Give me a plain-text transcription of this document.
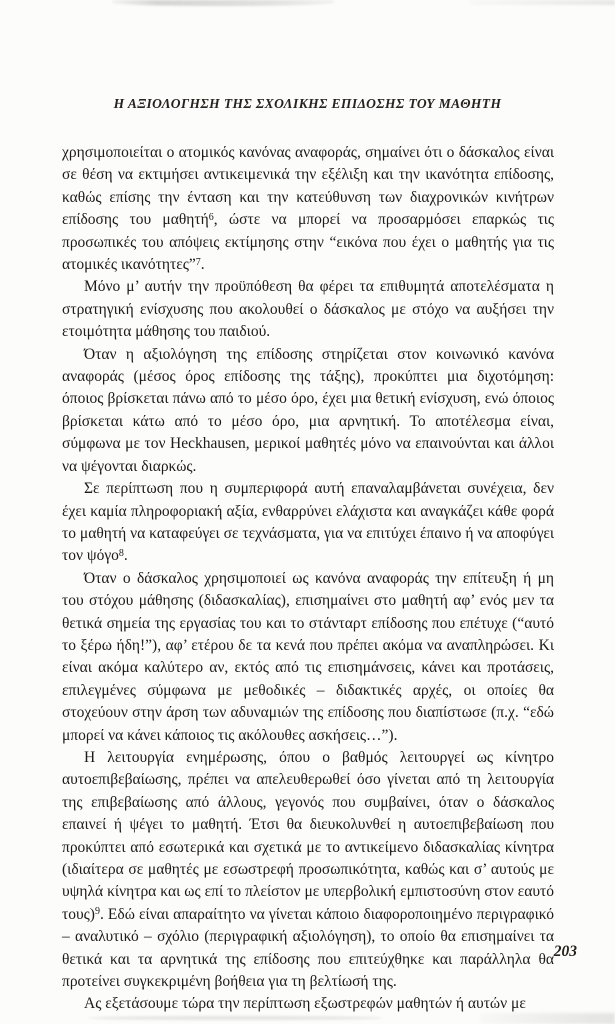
Η ΑΞΙΟΛΟΓΗΣΗ ΤΗΣ ΣΧΟΛΙΚΗΣ ΕΠΙΔΟΣΗΣ ΤΟΥ ΜΑΘΗΤΗ

χρησιμοποιείται ο ατομικός κανόνας αναφοράς, σημαίνει ότι ο δάσκαλος είναι σε θέση να εκτιμήσει αντικειμενικά την εξέλιξη και την ικανότητα επίδοσης, καθώς επίσης την ένταση και την κατεύθυνση των διαχρονικών κινήτρων επίδοσης του μαθητή$^6$, ώστε να μπορεί να προσαρμόσει επαρκώς τις προσωπικές του απόψεις εκτίμησης στην “εικόνα που έχει ο μαθητής για τις ατομικές ικανότητες”$^7$.

Μόνο μ’ αυτήν την προϋπόθεση θα φέρει τα επιθυμητά αποτελέσματα η στρατηγική ενίσχυσης που ακολουθεί ο δάσκαλος με στόχο να αυξήσει την ετοιμότητα μάθησης του παιδιού.

Όταν η αξιολόγηση της επίδοσης στηρίζεται στον κοινωνικό κανόνα αναφοράς (μέσος όρος επίδοσης της τάξης), προκύπτει μια διχοτόμηση: όποιος βρίσκεται πάνω από το μέσο όρο, έχει μια θετική ενίσχυση, ενώ όποιος βρίσκεται κάτω από το μέσο όρο, μια αρνητική. Το αποτέλεσμα είναι, σύμφωνα με τον Heckhausen, μερικοί μαθητές μόνο να επαινούνται και άλλοι να ψέγονται διαρκώς.

Σε περίπτωση που η συμπεριφορά αυτή επαναλαμβάνεται συνέχεια, δεν έχει καμία πληροφοριακή αξία, ενθαρρύνει ελάχιστα και αναγκάζει κάθε φορά το μαθητή να καταφεύγει σε τεχνάσματα, για να επιτύχει έπαινο ή να αποφύγει τον ψόγο$^8$.

Όταν ο δάσκαλος χρησιμοποιεί ως κανόνα αναφοράς την επίτευξη ή μη του στόχου μάθησης (διδασκαλίας), επισημαίνει στο μαθητή αφ’ ενός μεν τα θετικά σημεία της εργασίας του και το στάνταρτ επίδοσης που επέτυχε (“αυτό το ξέρω ήδη!”), αφ’ ετέρου δε τα κενά που πρέπει ακόμα να αναπληρώσει. Κι είναι ακόμα καλύτερο αν, εκτός από τις επισημάνσεις, κάνει και προτάσεις, επιλεγμένες σύμφωνα με μεθοδικές – διδακτικές αρχές, οι οποίες θα στοχεύουν στην άρση των αδυναμιών της επίδοσης που διαπίστωσε (π.χ. “εδώ μπορεί να κάνει κάποιος τις ακόλουθες ασκήσεις…”).

Η λειτουργία ενημέρωσης, όπου ο βαθμός λειτουργεί ως κίνητρο αυτοεπιβεβαίωσης, πρέπει να απελευθερωθεί όσο γίνεται από τη λειτουργία της επιβεβαίωσης από άλλους, γεγονός που συμβαίνει, όταν ο δάσκαλος επαινεί ή ψέγει το μαθητή. Έτσι θα διευκολυνθεί η αυτοεπιβεβαίωση που προκύπτει από εσωτερικά και σχετικά με το αντικείμενο διδασκαλίας κίνητρα (ιδιαίτερα σε μαθητές με εσωστρεφή προσωπικότητα, καθώς και σ’ αυτούς με υψηλά κίνητρα και ως επί το πλείστον με υπερβολική εμπιστοσύνη στον εαυτό τους)$^9$. Εδώ είναι απαραίτητο να γίνεται κάποιο διαφοροποιημένο περιγραφικό – αναλυτικό – σχόλιο (περιγραφική αξιολόγηση), το οποίο θα επισημαίνει τα θετικά και τα αρνητικά της επίδοσης που επιτεύχθηκε και παράλληλα θα προτείνει συγκεκριμένη βοήθεια για τη βελτίωσή της.

Ας εξετάσουμε τώρα την περίπτωση εξωστρεφών μαθητών ή αυτών με

203
